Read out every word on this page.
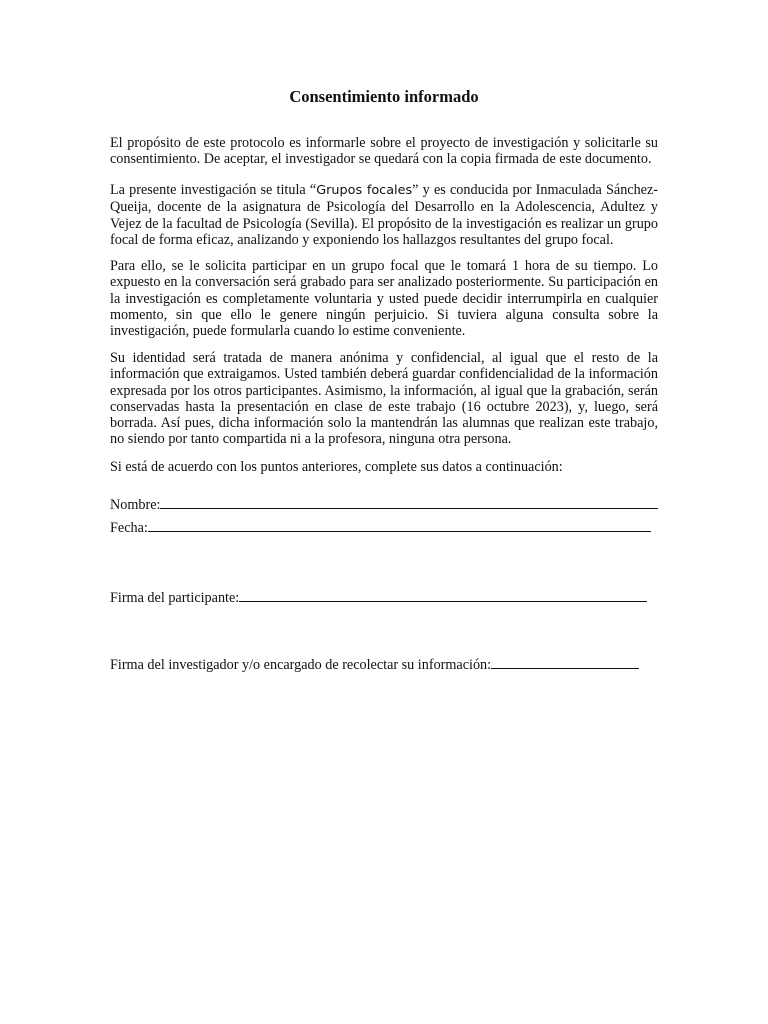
Consentimiento informado

El propósito de este protocolo es informarle sobre el proyecto de investigación y solicitarle su consentimiento. De aceptar, el investigador se quedará con la copia firmada de este documento.

La presente investigación se titula “Grupos focales” y es conducida por Inmaculada Sánchez-Queija, docente de la asignatura de Psicología del Desarrollo en la Adolescencia, Adultez y Vejez de la facultad de Psicología (Sevilla). El propósito de la investigación es realizar un grupo focal de forma eficaz, analizando y exponiendo los hallazgos resultantes del grupo focal.

Para ello, se le solicita participar en un grupo focal que le tomará 1 hora de su tiempo. Lo expuesto en la conversación será grabado para ser analizado posteriormente. Su participación en la investigación es completamente voluntaria y usted puede decidir interrumpirla en cualquier momento, sin que ello le genere ningún perjuicio. Si tuviera alguna consulta sobre la investigación, puede formularla cuando lo estime conveniente.

Su identidad será tratada de manera anónima y confidencial, al igual que el resto de la información que extraigamos. Usted también deberá guardar confidencialidad de la información expresada por los otros participantes. Asimismo, la información, al igual que la grabación, serán conservadas hasta la presentación en clase de este trabajo (16 octubre 2023), y, luego, será borrada. Así pues, dicha información solo la mantendrán las alumnas que realizan este trabajo, no siendo por tanto compartida ni a la profesora, ninguna otra persona.

Si está de acuerdo con los puntos anteriores, complete sus datos a continuación:

Nombre:
Fecha:
Firma del participante:
Firma del investigador y/o encargado de recolectar su información:
